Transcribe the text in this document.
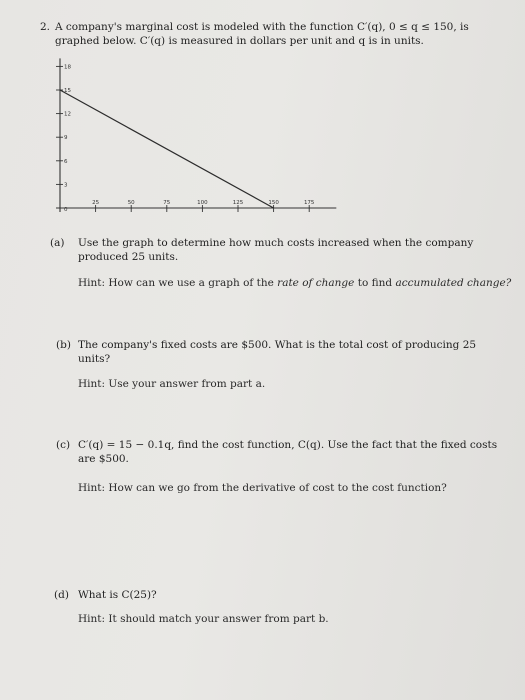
2. A company's marginal cost is modeled with the function C′(q), 0 ≤ q ≤ 150, is

graphed below. C′(q) is measured in dollars per unit and q is in units.

0
25	50	75	100	125	150	175
3
6
9
12
15
18

(a) Use the graph to determine how much costs increased when the company

produced 25 units.

Hint: How can we use a graph of the rate of change to find accumulated change?

(b) The company's fixed costs are $500. What is the total cost of producing 25

units?

Hint: Use your answer from part a.

(c) C′(q) = 15 − 0.1q, find the cost function, C(q). Use the fact that the fixed costs

are $500.

Hint: How can we go from the derivative of cost to the cost function?

(d) What is C(25)?

Hint: It should match your answer from part b.
